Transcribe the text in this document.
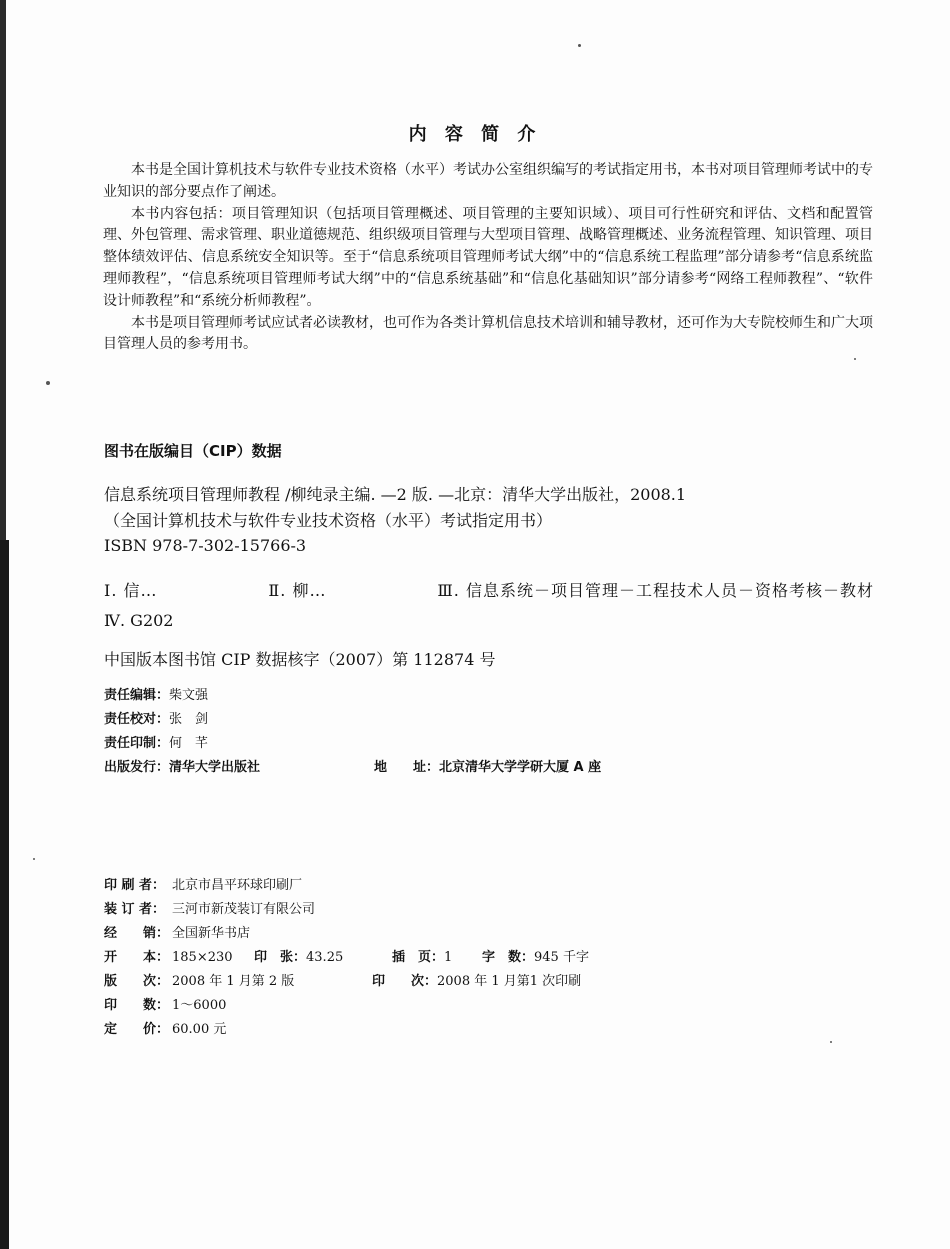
内 容 简 介

本书是全国计算机技术与软件专业技术资格（水平）考试办公室组织编写的考试指定用书，本书对项目管理师考试中的专业知识的部分要点作了阐述。

本书内容包括：项目管理知识（包括项目管理概述、项目管理的主要知识域）、项目可行性研究和评估、文档和配置管理、外包管理、需求管理、职业道德规范、组织级项目管理与大型项目管理、战略管理概述、业务流程管理、知识管理、项目整体绩效评估、信息系统安全知识等。至于“信息系统项目管理师考试大纲”中的“信息系统工程监理”部分请参考“信息系统监理师教程”，“信息系统项目管理师考试大纲”中的“信息系统基础”和“信息化基础知识”部分请参考“网络工程师教程”、“软件设计师教程”和“系统分析师教程”。

本书是项目管理师考试应试者必读教材，也可作为各类计算机信息技术培训和辅导教材，还可作为大专院校师生和广大项目管理人员的参考用书。

图书在版编目（CIP）数据
信息系统项目管理师教程 /柳纯录主编. —2 版. —北京：清华大学出版社，2008.1
（全国计算机技术与软件专业技术资格（水平）考试指定用书）
ISBN 978-7-302-15766-3
Ⅰ. 信…	Ⅱ. 柳…	Ⅲ. 信息系统－项目管理－工程技术人员－资格考核－教材
Ⅳ. G202
中国版本图书馆 CIP 数据核字（2007）第 112874 号
责任编辑：柴文强
责任校对：张　剑
责任印制：何　芊
出版发行：清华大学出版社	地　　址：北京清华大学学研大厦 A 座
印 刷 者： 北京市昌平环球印刷厂
装 订 者： 三河市新茂装订有限公司
经　　销： 全国新华书店
开　　本： 185×230 印　张：43.25	插　页：1 字　数：945 千字
版　　次： 2008 年 1 月第 2 版	印　　次：2008 年 1 月第1 次印刷
印　　数： 1～6000
定　　价： 60.00 元
